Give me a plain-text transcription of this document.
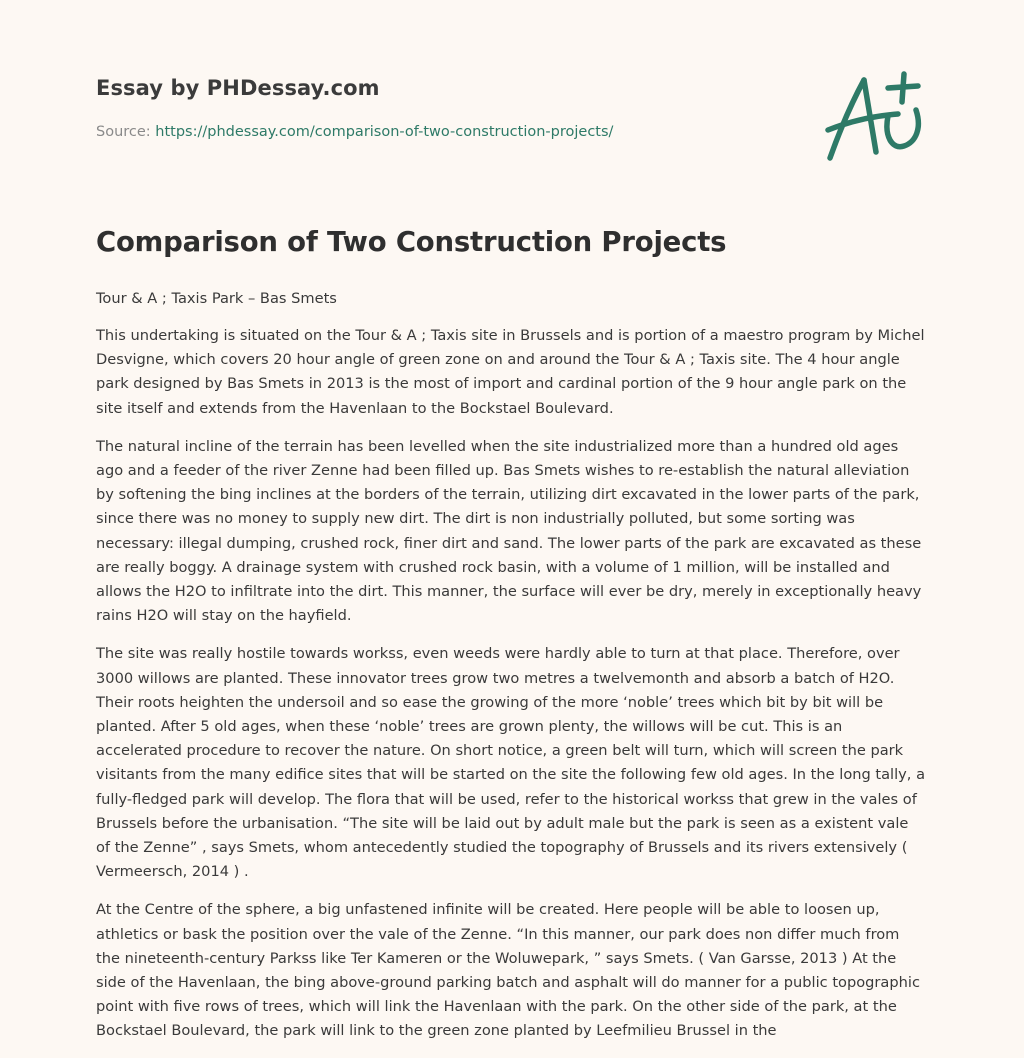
Essay by PHDessay.com
Source: https://phdessay.com/comparison-of-two-construction-projects/
Comparison of Two Construction Projects

Tour & A ; Taxis Park – Bas Smets

This undertaking is situated on the Tour & A ; Taxis site in Brussels and is portion of a maestro program by Michel Desvigne, which covers 20 hour angle of green zone on and around the Tour & A ; Taxis site. The 4 hour angle park designed by Bas Smets in 2013 is the most of import and cardinal portion of the 9 hour angle park on the site itself and extends from the Havenlaan to the Bockstael Boulevard.

The natural incline of the terrain has been levelled when the site industrialized more than a hundred old ages ago and a feeder of the river Zenne had been filled up. Bas Smets wishes to re-establish the natural alleviation by softening the bing inclines at the borders of the terrain, utilizing dirt excavated in the lower parts of the park, since there was no money to supply new dirt. The dirt is non industrially polluted, but some sorting was necessary: illegal dumping, crushed rock, finer dirt and sand. The lower parts of the park are excavated as these are really boggy. A drainage system with crushed rock basin, with a volume of 1 million, will be installed and allows the H2O to infiltrate into the dirt. This manner, the surface will ever be dry, merely in exceptionally heavy rains H2O will stay on the hayfield.

The site was really hostile towards workss, even weeds were hardly able to turn at that place. Therefore, over 3000 willows are planted. These innovator trees grow two metres a twelvemonth and absorb a batch of H2O. Their roots heighten the undersoil and so ease the growing of the more ‘noble’ trees which bit by bit will be planted. After 5 old ages, when these ‘noble’ trees are grown plenty, the willows will be cut. This is an accelerated procedure to recover the nature. On short notice, a green belt will turn, which will screen the park visitants from the many edifice sites that will be started on the site the following few old ages. In the long tally, a fully-fledged park will develop. The flora that will be used, refer to the historical workss that grew in the vales of Brussels before the urbanisation. “The site will be laid out by adult male but the park is seen as a existent vale of the Zenne” , says Smets, whom antecedently studied the topography of Brussels and its rivers extensively ( Vermeersch, 2014 ) .

At the Centre of the sphere, a big unfastened infinite will be created. Here people will be able to loosen up, athletics or bask the position over the vale of the Zenne. “In this manner, our park does non differ much from the nineteenth-century Parkss like Ter Kameren or the Woluwepark, ” says Smets. ( Van Garsse, 2013 ) At the side of the Havenlaan, the bing above-ground parking batch and asphalt will do manner for a public topographic point with five rows of trees, which will link the Havenlaan with the park. On the other side of the park, at the Bockstael Boulevard, the park will link to the green zone planted by Leefmilieu Brussel in the
